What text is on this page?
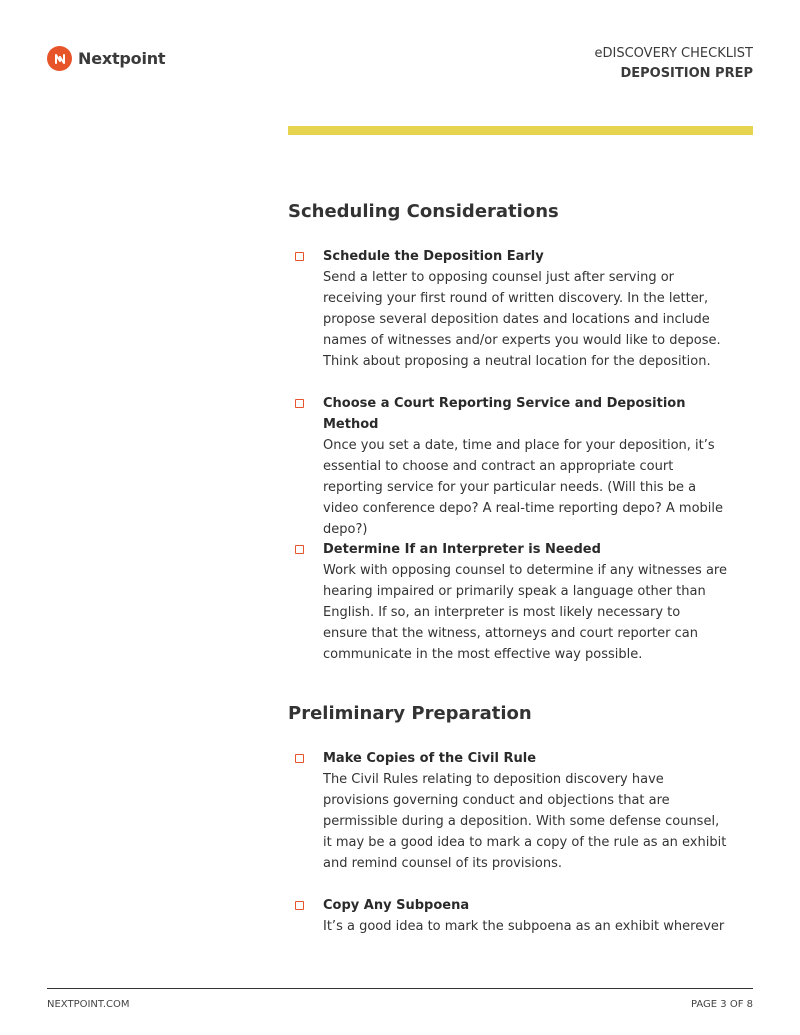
Nextpoint	eDISCOVERY CHECKLIST
DEPOSITION PREP
Scheduling Considerations
Schedule the Deposition Early
Send a letter to opposing counsel just after serving or
receiving your first round of written discovery. In the letter,
propose several deposition dates and locations and include
names of witnesses and/or experts you would like to depose.
Think about proposing a neutral location for the deposition.
Choose a Court Reporting Service and Deposition Method
Once you set a date, time and place for your deposition, it’s
essential to choose and contract an appropriate court
reporting service for your particular needs. (Will this be a
video conference depo? A real-time reporting depo? A mobile
depo?)
Determine If an Interpreter is Needed
Work with opposing counsel to determine if any witnesses are
hearing impaired or primarily speak a language other than
English. If so, an interpreter is most likely necessary to
ensure that the witness, attorneys and court reporter can
communicate in the most effective way possible.
Preliminary Preparation
Make Copies of the Civil Rule
The Civil Rules relating to deposition discovery have
provisions governing conduct and objections that are
permissible during a deposition. With some defense counsel,
it may be a good idea to mark a copy of the rule as an exhibit
and remind counsel of its provisions.
Copy Any Subpoena
It’s a good idea to mark the subpoena as an exhibit wherever
NEXTPOINT.COM	PAGE 3 OF 8
